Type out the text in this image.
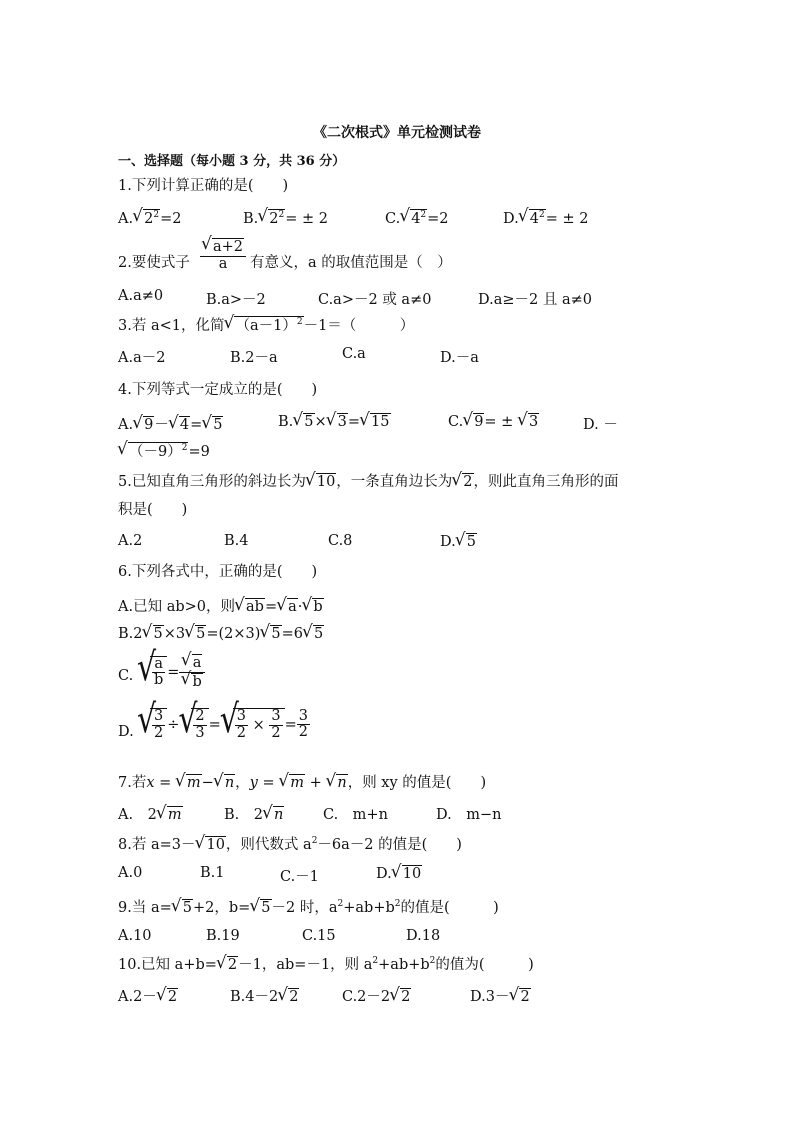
《二次根式》单元检测试卷
一、选择题（每小题 3 分，共 36 分）
1.下列计算正确的是(　　)
A. √ $2^2=2$	B. √ $2^2= \pm 2$	C. √ $4^2=2$	D. √ $4^2= \pm 2$
2.要使式子 √ $\frac{a+2}{a}$ 有意义，a 的取值范围是（　）
A.a≠0	B.a>－2	C.a>－2 或 a≠0	D.a≥－2 且 a≠0
3.若 a<1，化简 √ $(a-1)^2-1=$（　　　）
A.a－2	B.2－a	C.a	D.－a
4.下列等式一定成立的是(　　)
A. √ 9－ √ 4= √ 5	B. √ 5× √ 3= √ 15	C. √ 9= ± √ 3	D. －
√ $(-9)^2=9$
5.已知直角三角形的斜边长为 √ 10，一条直角边长为 √ 2，则此直角三角形的面
积是(　　)
A.2	B.4	C.8	D. √ 5
6.下列各式中，正确的是(　　)
A.已知 ab>0，则 √ ab= √ a· √ b
B.2 √ 5×3 √ 5=(2×3) √ 5=6 √ 5
C. √ $\frac{a}{b}$ = √ a
√ b
D. √ $\frac{3}{2}$ ÷ √ $\frac{2}{3}$ = √ $\frac{3}{2} \times \frac{3}{2} = \frac{3}{2}$
7.若x = √ m− √ n，y = √ m + √ n，则 xy 的值是(　　)
A.　2 √ m	B.　2 √ n	C.　m+n	D.　m−n
8.若 a=3－ √ 10，则代数式 $a^2-6a-2$ 的值是(　　)
A.0	B.1	C.－1	D. √ 10
9.当 a= √ 5+2，b= √ 5－2 时，$a^2+ab+b^2$的值是(　　　)
A.10	B.19	C.15	D.18
10.已知 a+b= √ 2－1，ab=－1，则 $a^2+ab+b^2$的值为(　　　)
A.2－ √ 2	B.4－2 √ 2	C.2－2 √ 2	D.3－ √ 2
